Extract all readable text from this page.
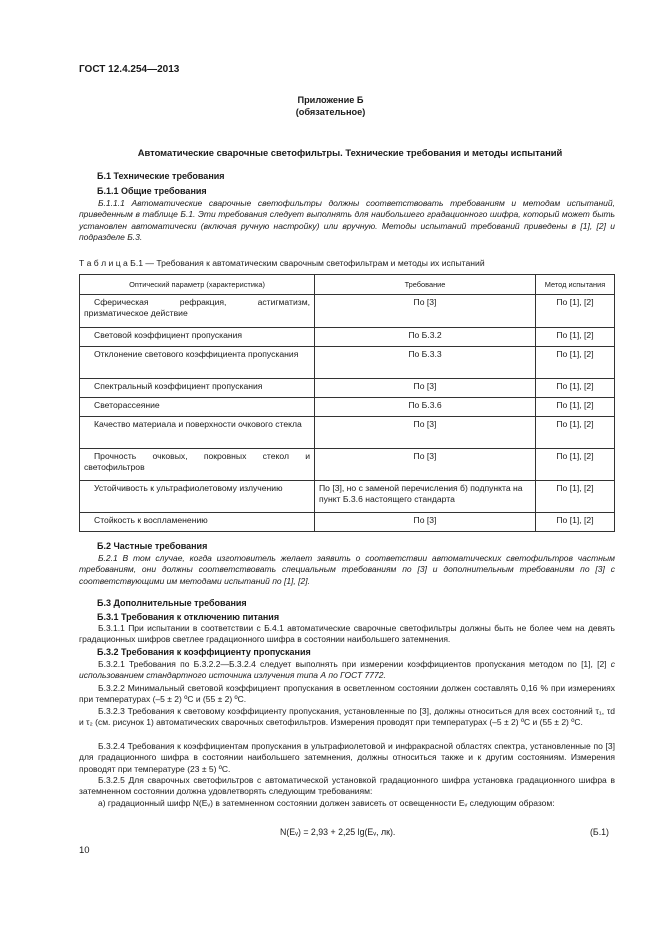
ГОСТ 12.4.254—2013
Приложение Б
(обязательное)
Автоматические сварочные светофильтры. Технические требования и методы испытаний
Б.1 Технические требования
Б.1.1 Общие требования
Б.1.1.1 Автоматические сварочные светофильтры должны соответствовать требованиям и методам испытаний, приведенным в таблице Б.1. Эти требования следует выполнять для наибольшего градационного шифра, который может быть установлен автоматически (включая ручную настройку) или вручную. Методы испытаний требований приведены в [1], [2] и подразделе Б.3.
Т а б л и ц а Б.1 — Требования к автоматическим сварочным светофильтрам и методы их испытаний
Оптический параметр (характеристика)	Требование	Метод испытания

Сферическая рефракция, астигматизм, призматическое действие	По [3]	По [1], [2]

Световой коэффициент пропускания	По Б.3.2	По [1], [2]

Отклонение светового коэффициента пропускания	По Б.3.3	По [1], [2]

Спектральный коэффициент пропускания	По [3]	По [1], [2]

Светорассеяние	По Б.3.6	По [1], [2]

Качество материала и поверхности очкового стекла	По [3]	По [1], [2]

Прочность очковых, покровных стекол и светофильтров	По [3]	По [1], [2]

Устойчивость к ультрафиолетовому излучению	По [3], но с заменой перечисления б) подпункта на пункт Б.3.6 настоящего стандарта	По [1], [2]

Стойкость к воспламенению	По [3]	По [1], [2]
Б.2 Частные требования
Б.2.1 В том случае, когда изготовитель желает заявить о соответствии автоматических светофильтров частным требованиям, они должны соответствовать специальным требованиям по [3] и дополнительным требованиям по [3] с соответствующими им методами испытаний по [1], [2].
Б.3 Дополнительные требования
Б.3.1 Требования к отключению питания
Б.3.1.1 При испытании в соответствии с Б.4.1 автоматические сварочные светофильтры должны быть не более чем на девять градационных шифров светлее градационного шифра в состоянии наибольшего затемнения.
Б.3.2 Требования к коэффициенту пропускания
Б.3.2.1 Требования по Б.3.2.2—Б.3.2.4 следует выполнять при измерении коэффициентов пропускания методом по [1], [2] с использованием стандартного источника излучения типа А по ГОСТ 7772.
Б.3.2.2 Минимальный световой коэффициент пропускания в осветленном состоянии должен составлять 0,16 % при измерениях при температурах (–5 ± 2) ºС и (55 ± 2) ºС.
Б.3.2.3 Требования к световому коэффициенту пропускания, установленные по [3], должны относиться для всех состояний τ₁, τd и τ₂ (см. рисунок 1) автоматических сварочных светофильтров. Измерения проводят при температурах (–5 ± 2) ºС и (55 ± 2) ºС.
Б.3.2.4 Требования к коэффициентам пропускания в ультрафиолетовой и инфракрасной областях спектра, установленные по [3] для градационного шифра в состоянии наибольшего затемнения, должны относиться также и к другим состояниям. Измерения проводят при температуре (23 ± 5) ºС.
Б.3.2.5 Для сварочных светофильтров с автоматической установкой градационного шифра установка градационного шифра в затемненном состоянии должна удовлетворять следующим требованиям:
а) градационный шифр N(Eᵥ) в затемненном состоянии должен зависеть от освещенности Eᵥ следующим образом:
N(Eᵥ) = 2,93 + 2,25 lg(Eᵥ, лк).	(Б.1)
10
